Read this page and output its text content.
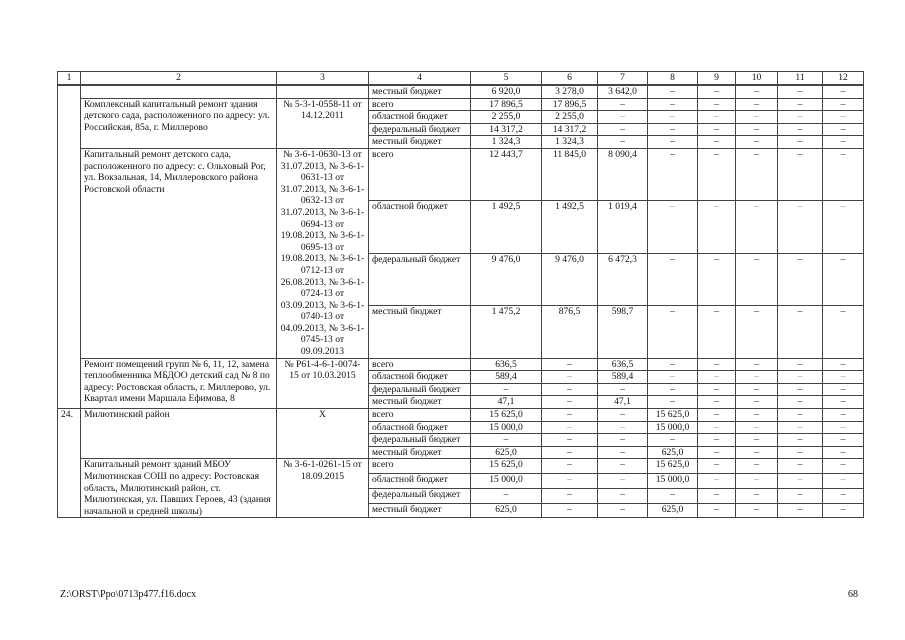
1	2	3	4	5	6	7	8	9	10	11	12
			местный бюджет	6 920,0	3 278,0	3 642,0	–	–	–	–	–
	Комплексный капитальный ремонт здания детского сада, расположенного по адресу: ул. Российская, 85а, г. Миллерово	№ 5-3-1-0558-11 от 14.12.2011	всего	17 896,5	17 896,5	–	–	–	–	–	–
			областной бюджет	2 255,0	2 255,0	–	–	–	–	–	–
			федеральный бюджет	14 317,2	14 317,2	–	–	–	–	–	–
			местный бюджет	1 324,3	1 324,3	–	–	–	–	–	–
	Капитальный ремонт детского сада, расположенного по адресу: с. Ольховый Рог, ул. Вокзальная, 14, Миллеровского района Ростовской области	№ 3-6-1-0630-13 от 31.07.2013, № 3-6-1-0631-13 от 31.07.2013, № 3-6-1-0632-13 от 31.07.2013, № 3-6-1-0694-13 от 19.08.2013, № 3-6-1-0695-13 от 19.08.2013, № 3-6-1-0712-13 от 26.08.2013, № 3-6-1-0724-13 от 03.09.2013, № 3-6-1-0740-13 от 04.09.2013, № 3-6-1-0745-13 от 09.09.2013	всего	12 443,7	11 845,0	8 090,4	–	–	–	–	–
			областной бюджет	1 492,5	1 492,5	1 019,4	–	–	–	–	–
			федеральный бюджет	9 476,0	9 476,0	6 472,3	–	–	–	–	–
			местный бюджет	1 475,2	876,5	598,7	–	–	–	–	–
	Ремонт помещений групп № 6, 11, 12, замена теплообменника МБДОО детский сад № 8 по адресу: Ростовская область, г. Миллерово, ул. Квартал имени Маршала Ефимова, 8	№ Р61-4-6-1-0074-15 от 10.03.2015	всего	636,5	–	636,5	–	–	–	–	–
			областной бюджет	589,4	–	589,4	–	–	–	–	–
			федеральный бюджет	–	–	–	–	–	–	–	–
			местный бюджет	47,1	–	47,1	–	–	–	–	–
24.	Милютинский район	Х	всего	15 625,0	–	–	15 625,0	–	–	–	–
			областной бюджет	15 000,0	–	–	15 000,0	–	–	–	–
			федеральный бюджет	–	–	–	–	–	–	–	–
			местный бюджет	625,0	–	–	625,0	–	–	–	–
	Капитальный ремонт зданий МБОУ Милютинская СОШ по адресу: Ростовская область, Милютинский район, ст. Милютинская, ул. Павших Героев, 43 (здания начальной и средней школы)	№ 3-6-1-0261-15 от 18.09.2015	всего	15 625,0	–	–	15 625,0	–	–	–	–
			областной бюджет	15 000,0	–	–	15 000,0	–	–	–	–
			федеральный бюджет	–	–	–	–	–	–	–	–
			местный бюджет	625,0	–	–	625,0	–	–	–	–
Z:\ORST\Ppo\0713p477.f16.docx	68
